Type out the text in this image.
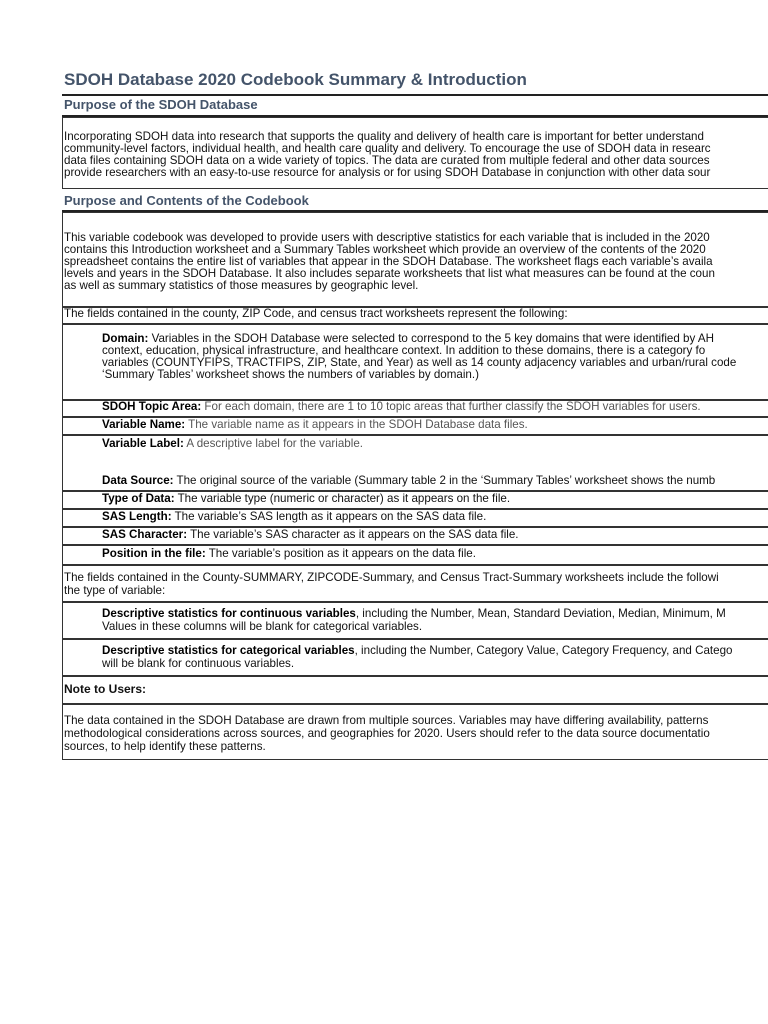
SDOH Database 2020 Codebook Summary & Introduction
Purpose of the SDOH Database
Incorporating SDOH data into research that supports the quality and delivery of health care is important for better understand
community-level factors, individual health, and health care quality and delivery. To encourage the use of SDOH data in researc
data files containing SDOH data on a wide variety of topics. The data are curated from multiple federal and other data sources
provide researchers with an easy-to-use resource for analysis or for using SDOH Database in conjunction with other data sour
Purpose and Contents of the Codebook
This variable codebook was developed to provide users with descriptive statistics for each variable that is included in the 2020
contains this Introduction worksheet and a Summary Tables worksheet which provide an overview of the contents of the 2020
spreadsheet contains the entire list of variables that appear in the SDOH Database. The worksheet flags each variable’s availa
levels and years in the SDOH Database. It also includes separate worksheets that list what measures can be found at the coun
as well as summary statistics of those measures by geographic level.
The fields contained in the county, ZIP Code, and census tract worksheets represent the following:
Domain: Variables in the SDOH Database were selected to correspond to the 5 key domains that were identified by AH
context, education, physical infrastructure, and healthcare context. In addition to these domains, there is a category fo
variables (COUNTYFIPS, TRACTFIPS, ZIP, State, and Year) as well as 14 county adjacency variables and urban/rural code
‘Summary Tables’ worksheet shows the numbers of variables by domain.)
SDOH Topic Area: For each domain, there are 1 to 10 topic areas that further classify the SDOH variables for users.
Variable Name: The variable name as it appears in the SDOH Database data files.
Variable Label: A descriptive label for the variable.
Data Source: The original source of the variable (Summary table 2 in the ‘Summary Tables’ worksheet shows the numb
Type of Data: The variable type (numeric or character) as it appears on the file.
SAS Length: The variable’s SAS length as it appears on the SAS data file.
SAS Character: The variable’s SAS character as it appears on the SAS data file.
Position in the file: The variable’s position as it appears on the data file.
The fields contained in the County-SUMMARY, ZIPCODE-Summary, and Census Tract-Summary worksheets include the followi
the type of variable:
Descriptive statistics for continuous variables, including the Number, Mean, Standard Deviation, Median, Minimum, M
Values in these columns will be blank for categorical variables.
Descriptive statistics for categorical variables, including the Number, Category Value, Category Frequency, and Catego
will be blank for continuous variables.
Note to Users:
The data contained in the SDOH Database are drawn from multiple sources. Variables may have differing availability, patterns
methodological considerations across sources, and geographies for 2020. Users should refer to the data source documentatio
sources, to help identify these patterns.
